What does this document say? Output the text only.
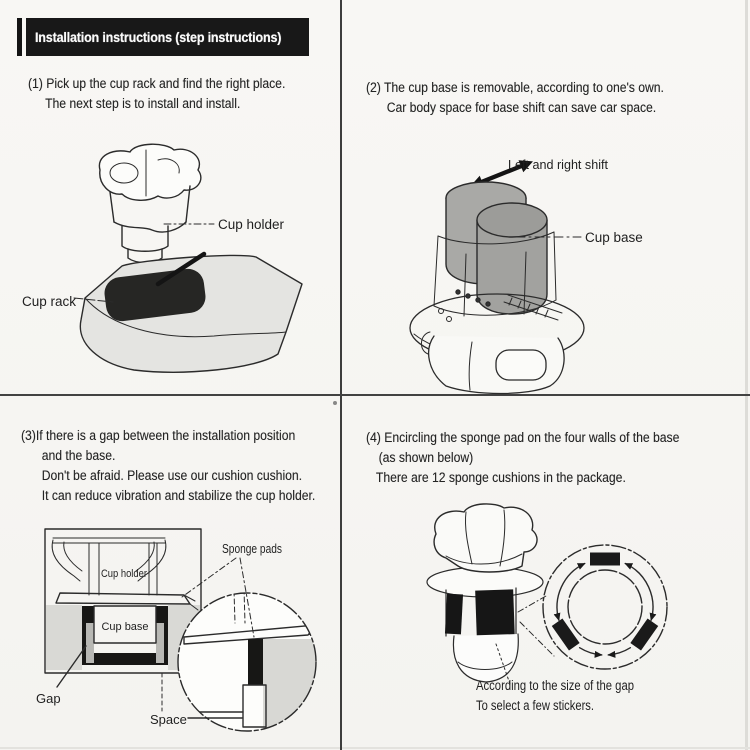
Installation instructions (step instructions)
(1) Pick up the cup rack and find the right place.
The next step is to install and install.
(2) The cup base is removable, according to one's own.
Car body space for base shift can save car space.
(3)If there is a gap between the installation position
and the base.
Don't be afraid. Please use our cushion cushion.
It can reduce vibration and stabilize the cup holder.
(4) Encircling the sponge pad on the four walls of the base
(as shown below)
There are 12 sponge cushions in the package.
Cup holder
Cup rack
Left and right shift
Cup base
Cup holder
Cup base
Sponge pads
Gap
Space
According to the size of the gap
To select a few stickers.
